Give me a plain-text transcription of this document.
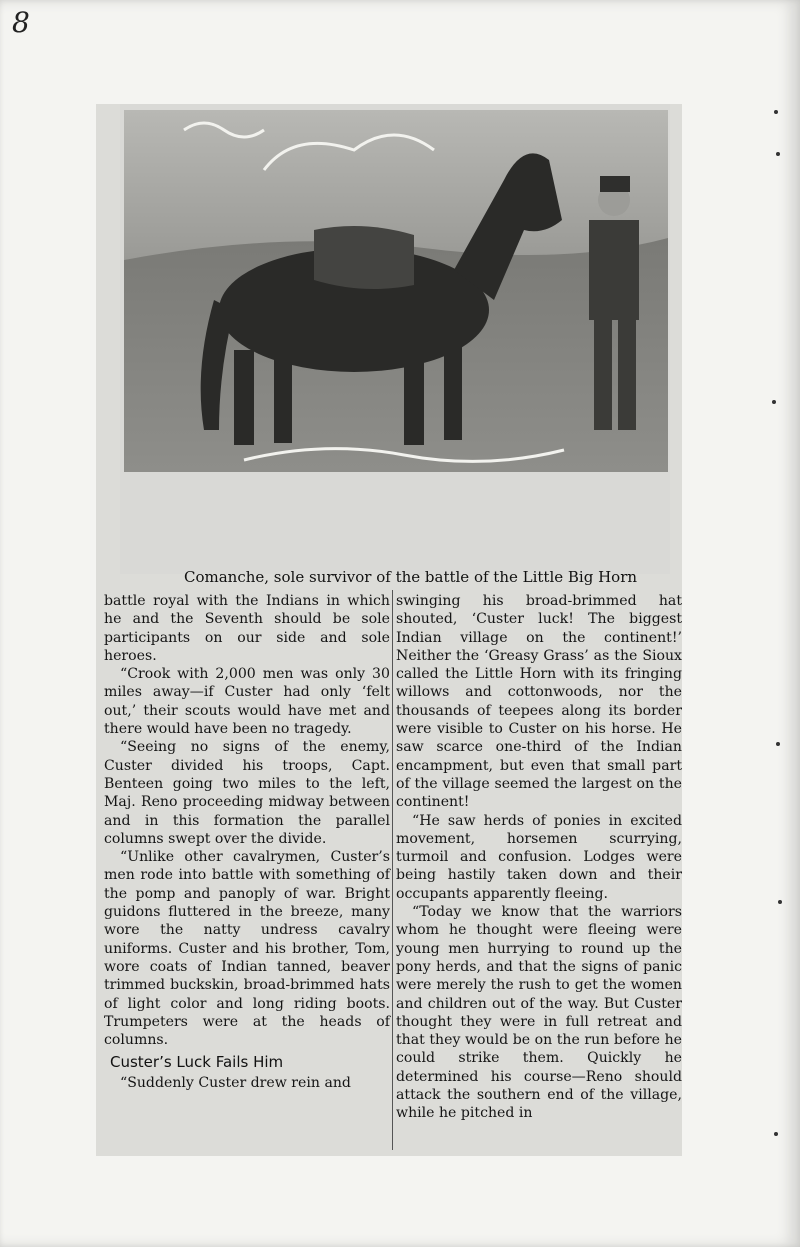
8
Comanche, sole survivor of the battle of the Little Big Horn

battle royal with the Indians in which he and the Seventh should be sole participants on our side and sole heroes.

“Crook with 2,000 men was only 30 miles away—if Custer had only ‘felt out,’ their scouts would have met and there would have been no tragedy.

“Seeing no signs of the enemy, Custer divided his troops, Capt. Benteen going two miles to the left, Maj. Reno proceeding midway between and in this formation the parallel columns swept over the divide.

“Unlike other cavalrymen, Custer’s men rode into battle with something of the pomp and panoply of war. Bright guidons fluttered in the breeze, many wore the natty undress cavalry uniforms. Custer and his brother, Tom, wore coats of Indian tanned, beaver trimmed buckskin, broad-brimmed hats of light color and long riding boots. Trumpeters were at the heads of columns.

Custer’s Luck Fails Him

“Suddenly Custer drew rein and

swinging his broad-brimmed hat shouted, ‘Custer luck! The biggest Indian village on the continent!’ Neither the ‘Greasy Grass’ as the Sioux called the Little Horn with its fringing willows and cottonwoods, nor the thousands of teepees along its border were visible to Custer on his horse. He saw scarce one-third of the Indian encampment, but even that small part of the village seemed the largest on the continent!

“He saw herds of ponies in excited movement, horsemen scurrying, turmoil and confusion. Lodges were being hastily taken down and their occupants apparently fleeing.

“Today we know that the warriors whom he thought were fleeing were young men hurrying to round up the pony herds, and that the signs of panic were merely the rush to get the women and children out of the way. But Custer thought they were in full retreat and that they would be on the run before he could strike them. Quickly he determined his course—Reno should attack the southern end of the village, while he pitched in
